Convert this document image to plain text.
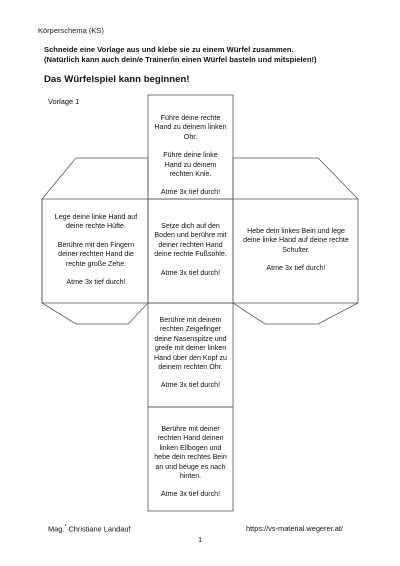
Körperschema (KS)
Schneide eine Vorlage aus und klebe sie zu einem Würfel zusammen.
(Natürlich kann auch dein/e Trainer/in einen Würfel basteln und mitspielen!)
Das Würfelspiel kann beginnen!
Vorlage 1

Führe deine rechte Hand zu deinem linken Ohr.

Führe deine linke Hand zu deinem rechten Knie.

Atme 3x tief durch!

Lege deine linke Hand auf deine rechte Hüfte.

Berühre mit den Fingern deiner rechten Hand die rechte große Zehe.

Atme 3x tief durch!

Setze dich auf den Boden und berühre mit deiner rechten Hand deine rechte Fußsohle.

Atme 3x tief durch!

Hebe dein linkes Bein und lege deine linke Hand auf deine rechte Schulter.

Atme 3x tief durch!

Berühre mit deinem rechten Zeigefinger deine Nasenspitze und greife mit deiner linken Hand über den Kopf zu deinem rechten Ohr.

Atme 3x tief durch!

Berühre mit deiner rechten Hand deinen linken Ellbogen und hebe dein rechtes Bein an und beuge es nach hinten.

Atme 3x tief durch!

Mag.* Christiane Landauf	https://vs-material.wegerer.at/
1
